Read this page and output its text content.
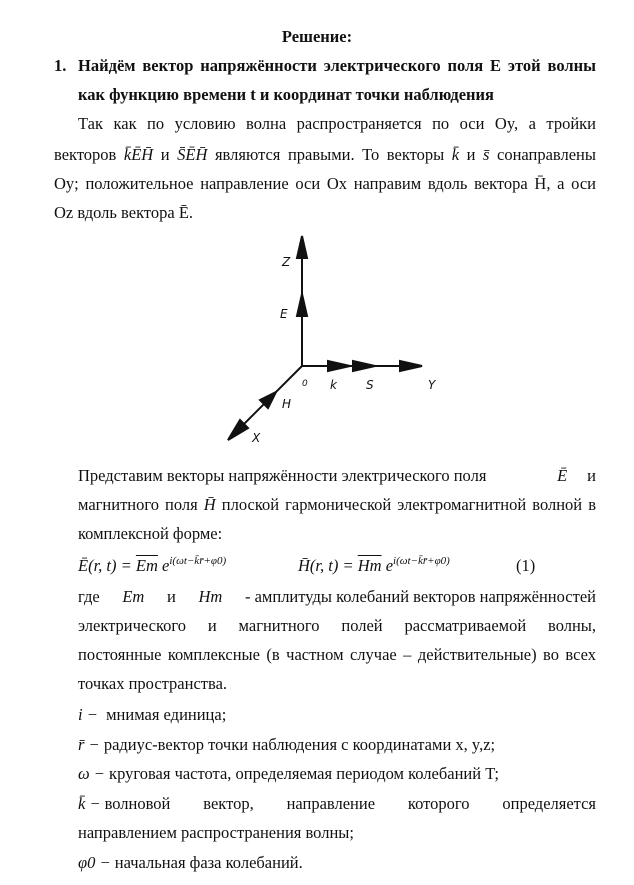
Решение:
1. Найдём вектор напряжённости электрического поля E этой волны
как функцию времени t и координат точки наблюдения
Так как по условию волна распространяется по оси Oy, а тройки
векторов k̄ĒH̄ и S̄ĒH̄ являются правыми. То векторы k̄ и s̄ сонаправлены
Oy; положительное направление оси Ox направим вдоль вектора H̄, а оси
Oz вдоль вектора Ē.
Z
E
0 k S	Y
H
X
Представим векторы напряжённости электрического поля	Ē и
магнитного поля H̄ плоской гармонической электромагнитной волной в
комплексной форме:
Ē(r, $t) = \overline{Em}$ $e^{i(\omega t-k̄r̄+\varphi 0)}$	H̄(r, $t) = \overline{Hm}$ $e^{i(\omega t-k̄r̄+\varphi 0)}$	(1)
где Em и Hm - амплитуды колебаний векторов напряжённостей
электрического и магнитного полей рассматриваемой волны,
постоянные комплексные (в частном случае – действительные) во всех
точках пространства.
i − мнимая единица;
r̄ − радиус-вектор точки наблюдения с координатами x, y,z;
ω − круговая частота, определяемая периодом колебаний T;
k̄ − волновой вектор, направление которого определяется
направлением распространения волны;
φ0 − начальная фаза колебаний.
